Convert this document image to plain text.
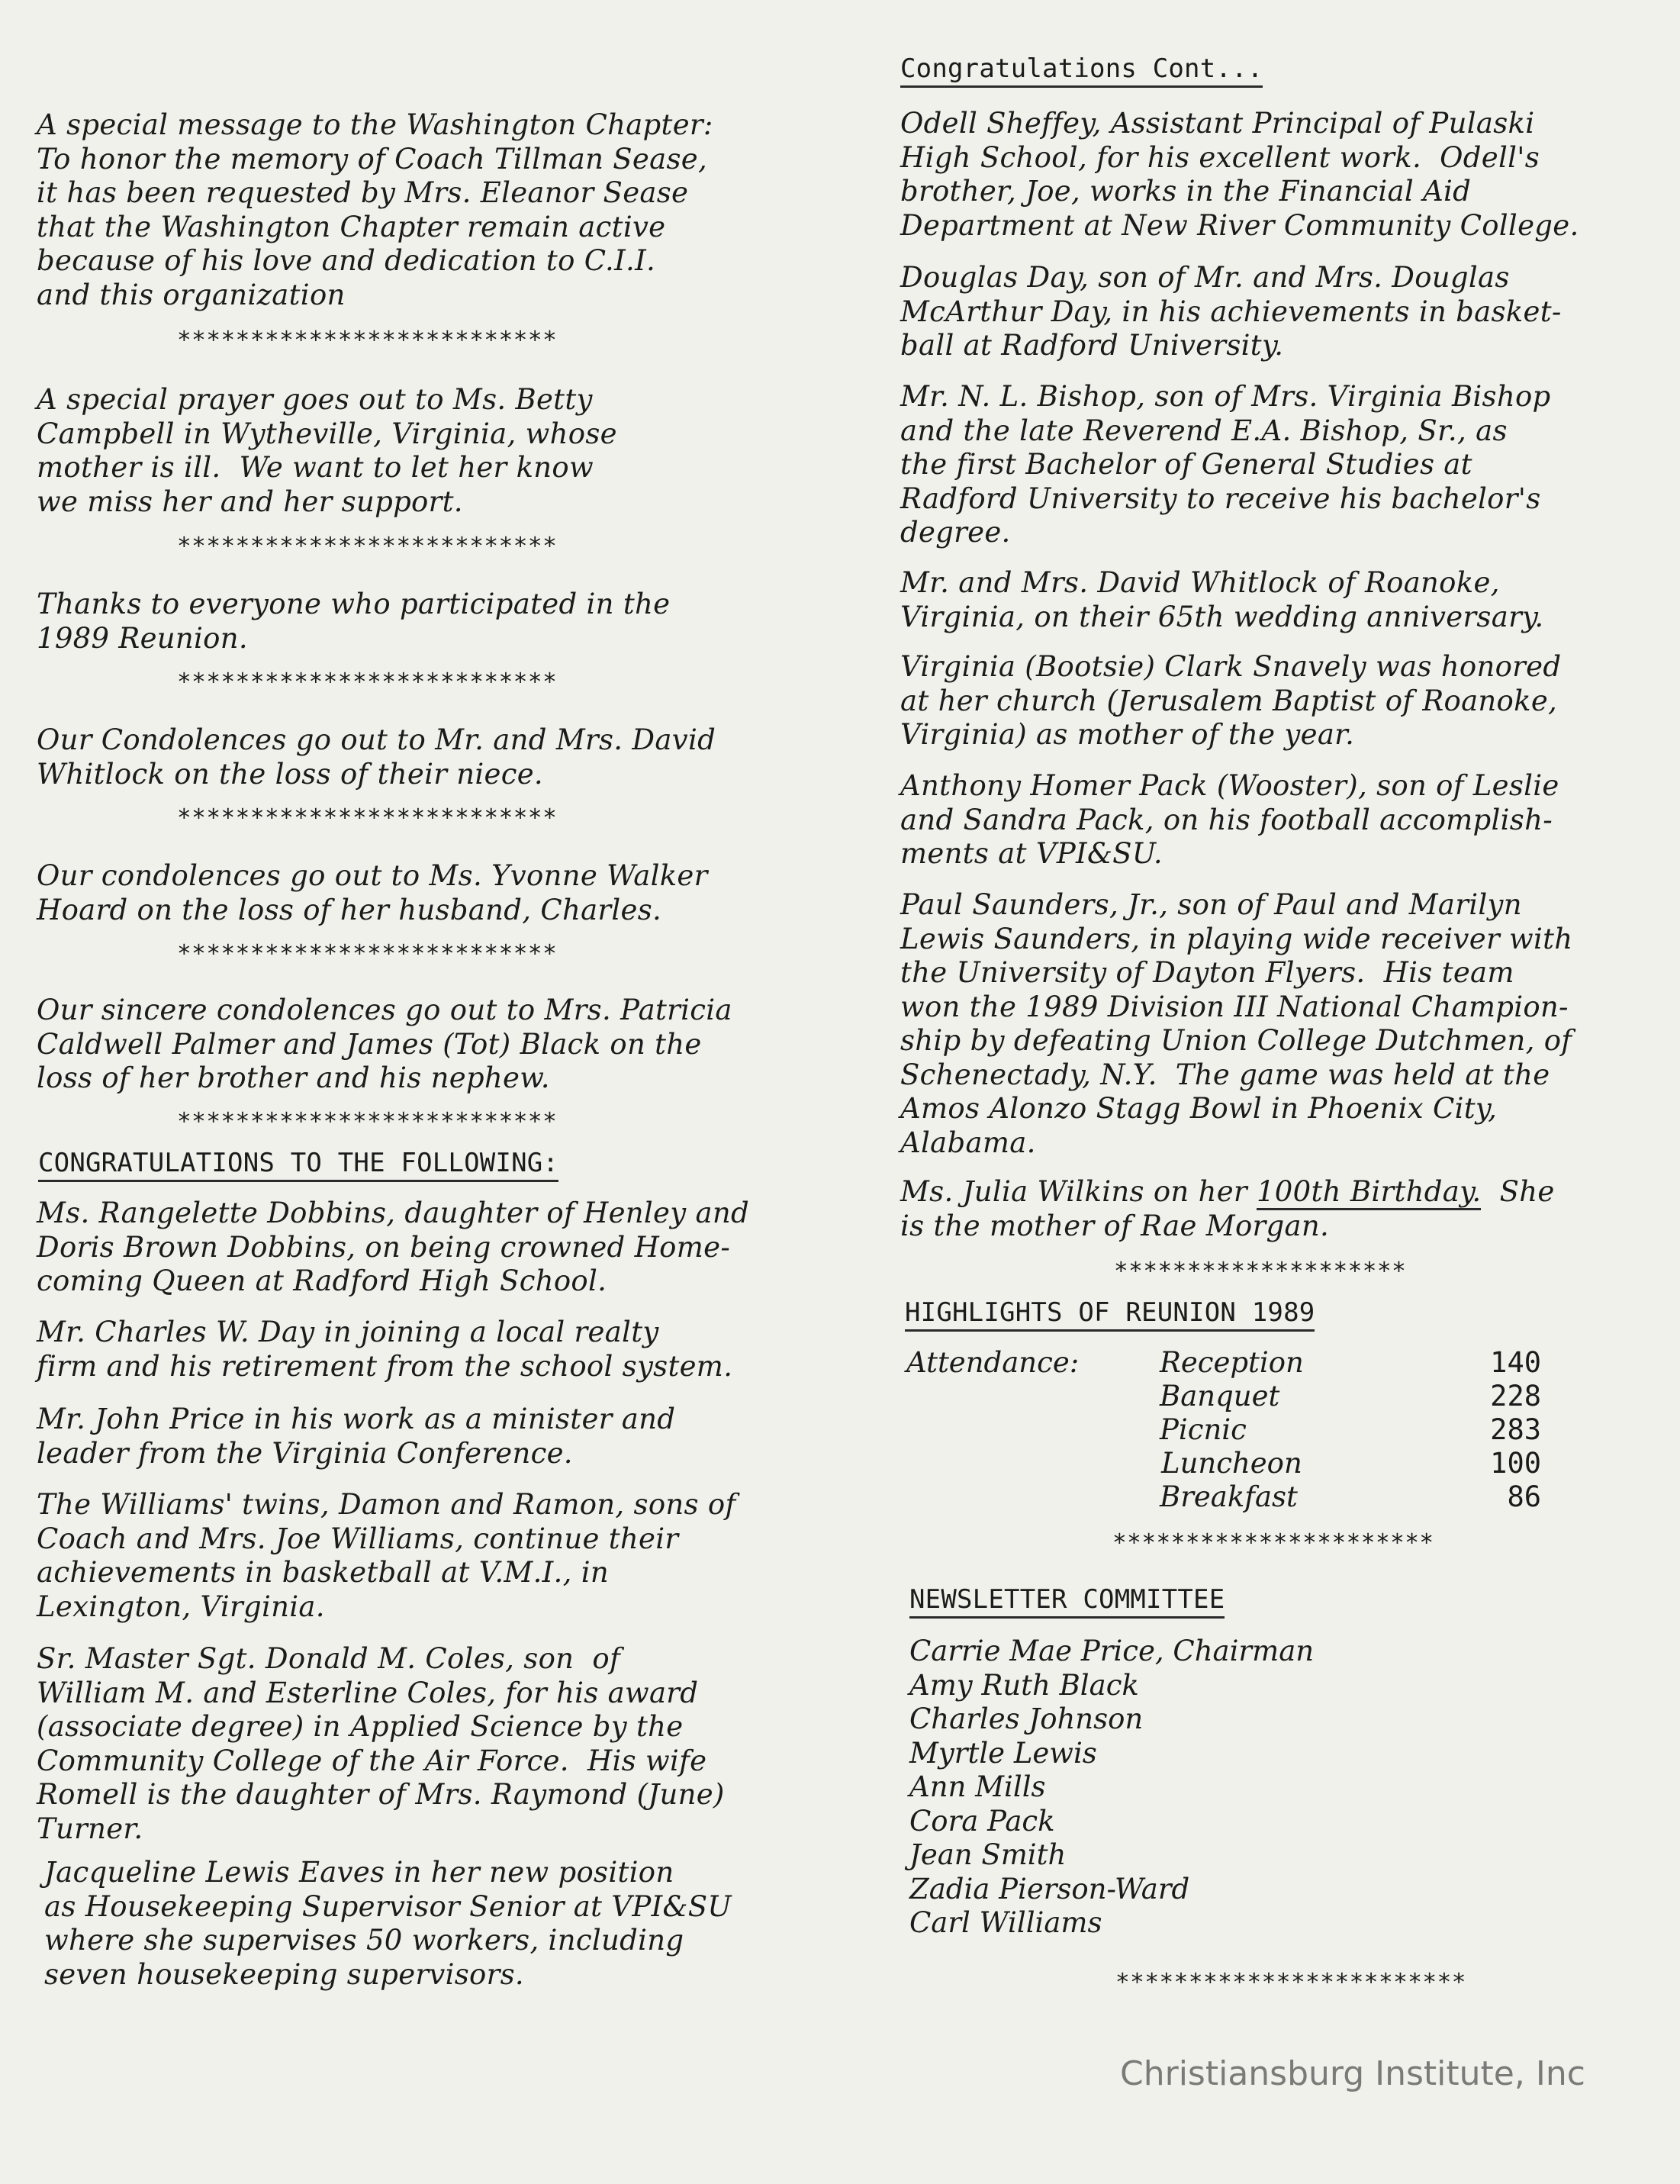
A special message to the Washington Chapter:
To honor the memory of Coach Tillman Sease,
it has been requested by Mrs. Eleanor Sease
that the Washington Chapter remain active
because of his love and dedication to C.I.I.
and this organization

**************************

A special prayer goes out to Ms. Betty
Campbell in Wytheville, Virginia, whose
mother is ill.  We want to let her know
we miss her and her support.

**************************

Thanks to everyone who participated in the
1989 Reunion.

**************************

Our Condolences go out to Mr. and Mrs. David
Whitlock on the loss of their niece.

**************************

Our condolences go out to Ms. Yvonne Walker
Hoard on the loss of her husband, Charles.

**************************

Our sincere condolences go out to Mrs. Patricia
Caldwell Palmer and James (Tot) Black on the
loss of her brother and his nephew.

**************************
CONGRATULATIONS TO THE FOLLOWING:

Ms. Rangelette Dobbins, daughter of Henley and
Doris Brown Dobbins, on being crowned Home-
coming Queen at Radford High School.

Mr. Charles W. Day in joining a local realty
firm and his retirement from the school system.

Mr. John Price in his work as a minister and
leader from the Virginia Conference.

The Williams' twins, Damon and Ramon, sons of
Coach and Mrs. Joe Williams, continue their
achievements in basketball at V.M.I., in
Lexington, Virginia.

Sr. Master Sgt. Donald M. Coles, son  of
William M. and Esterline Coles, for his award
(associate degree) in Applied Science by the
Community College of the Air Force.  His wife
Romell is the daughter of Mrs. Raymond (June)
Turner.

Jacqueline Lewis Eaves in her new position
as Housekeeping Supervisor Senior at VPI&SU
where she supervises 50 workers, including
seven housekeeping supervisors.

Congratulations Cont...

Odell Sheffey, Assistant Principal of Pulaski
High School, for his excellent work.  Odell's
brother, Joe, works in the Financial Aid
Department at New River Community College.

Douglas Day, son of Mr. and Mrs. Douglas
McArthur Day, in his achievements in basket-
ball at Radford University.

Mr. N. L. Bishop, son of Mrs. Virginia Bishop
and the late Reverend E.A. Bishop, Sr., as
the first Bachelor of General Studies at
Radford University to receive his bachelor's
degree.

Mr. and Mrs. David Whitlock of Roanoke,
Virginia, on their 65th wedding anniversary.

Virginia (Bootsie) Clark Snavely was honored
at her church (Jerusalem Baptist of Roanoke,
Virginia) as mother of the year.

Anthony Homer Pack (Wooster), son of Leslie
and Sandra Pack, on his football accomplish-
ments at VPI&SU.

Paul Saunders, Jr., son of Paul and Marilyn
Lewis Saunders, in playing wide receiver with
the University of Dayton Flyers.  His team
won the 1989 Division III National Champion-
ship by defeating Union College Dutchmen, of
Schenectady, N.Y.  The game was held at the
Amos Alonzo Stagg Bowl in Phoenix City,
Alabama.

Ms. Julia Wilkins on her 100th Birthday.  She
is the mother of Rae Morgan.

********************
HIGHLIGHTS OF REUNION 1989
Attendance:	Reception	140
Banquet	228
Picnic	283
Luncheon	100
Breakfast	86
**********************
NEWSLETTER COMMITTEE
Carrie Mae Price, Chairman
Amy Ruth Black
Charles Johnson
Myrtle Lewis
Ann Mills
Cora Pack
Jean Smith
Zadia Pierson-Ward
Carl Williams
************************
Christiansburg Institute, Inc
